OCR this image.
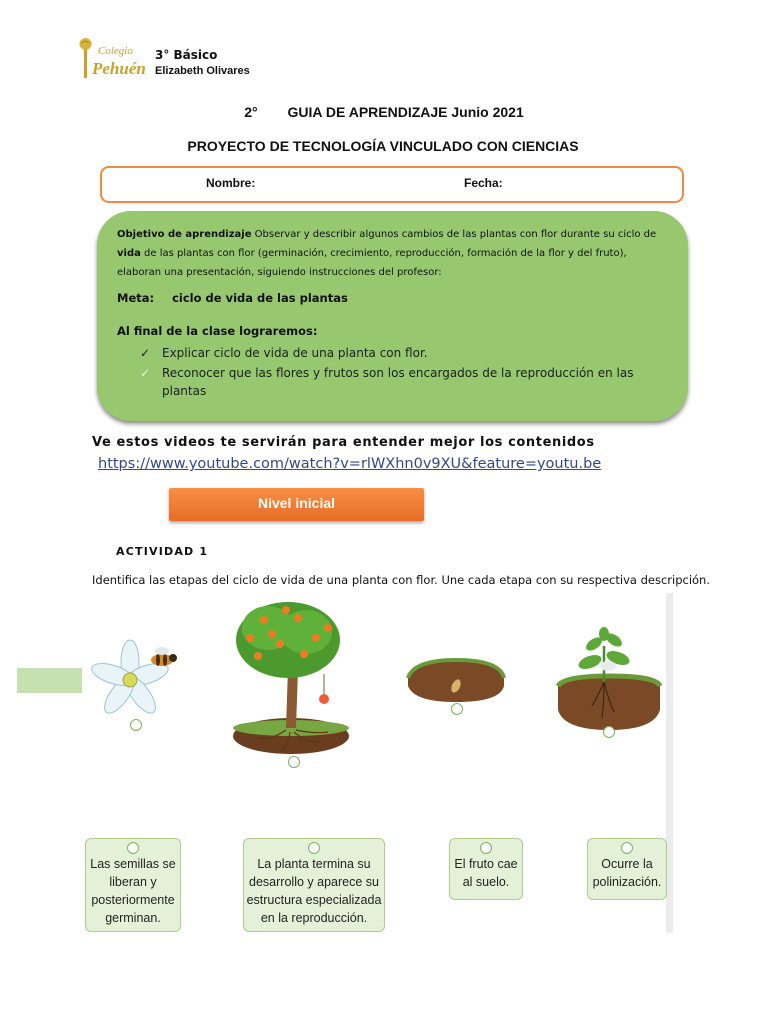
Colegio
Pehuén
3° Básico
Elizabeth Olivares
2° GUIA DE APRENDIZAJE Junio 2021
PROYECTO DE TECNOLOGÍA VINCULADO CON CIENCIAS
Nombre:	Fecha:
Objetivo de aprendizaje Observar y describir algunos cambios de las plantas con flor durante su ciclo de vida de las plantas con flor (germinación, crecimiento, reproducción, formación de la flor y del fruto), elaboran una presentación, siguiendo instrucciones del profesor:
Meta: ciclo de vida de las plantas
Al final de la clase lograremos:
✓ Explicar ciclo de vida de una planta con flor.
✓ Reconocer que las flores y frutos son los encargados de la reproducción en las plantas
Ve estos videos te servirán para entender mejor los contenidos
https://www.youtube.com/watch?v=rlWXhn0v9XU&feature=youtu.be
Nivel inicial
ACTIVIDAD 1
Identifica las etapas del ciclo de vida de una planta con flor. Une cada etapa con su respectiva descripción.
Las semillas se liberan y posteriormente germinan.
La planta termina su desarrollo y aparece su estructura especializada en la reproducción.
El fruto cae al suelo.
Ocurre la polinización.
